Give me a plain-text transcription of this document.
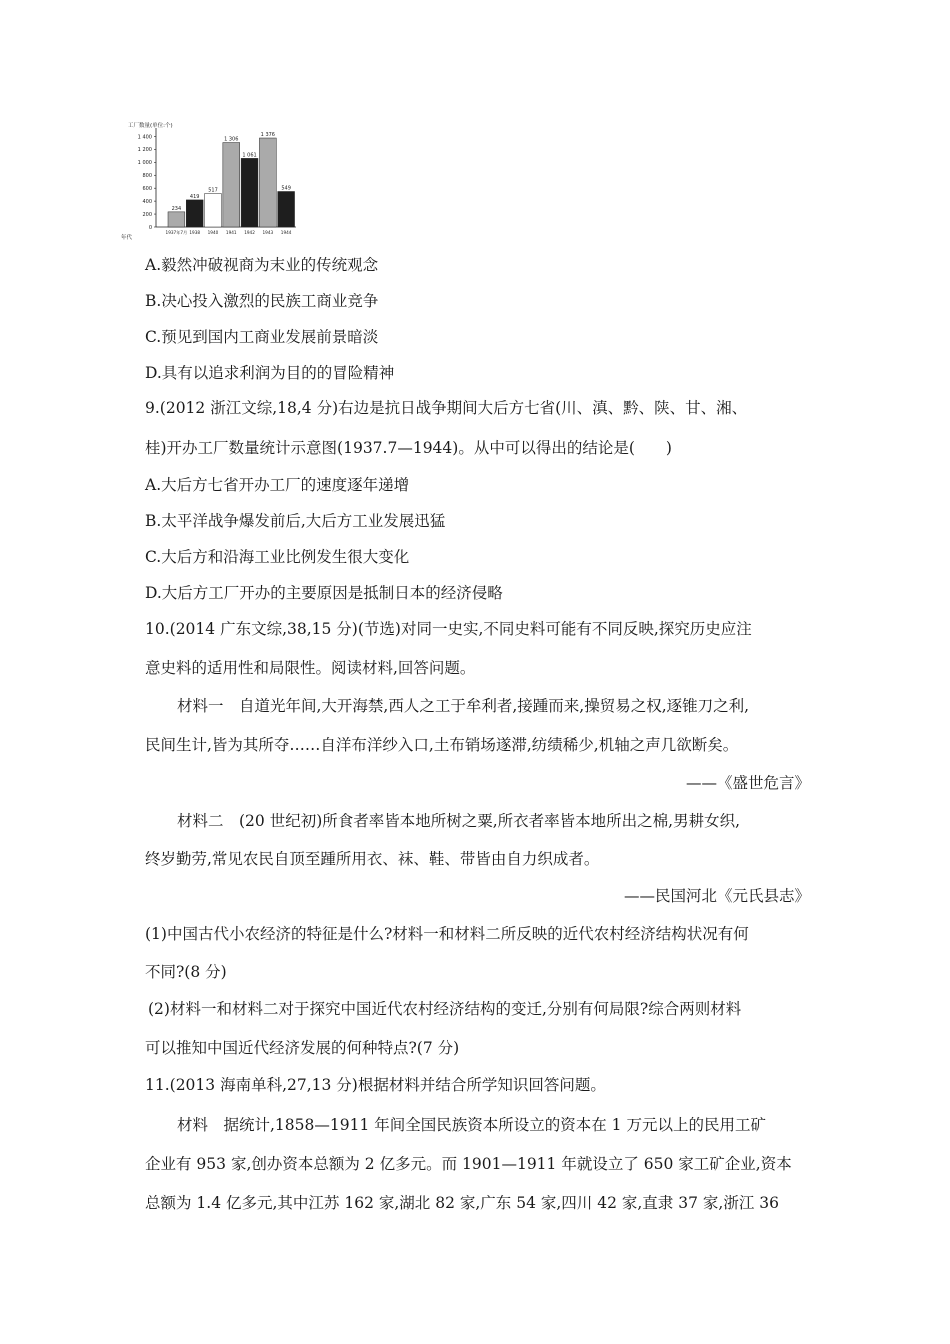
工厂数量(单位:个)
0
200
400
600
800
1 000
1 200
1 400
234
419
517
1 306
1 061
1 376
549
1937年7月 1938 1940 1941 1942 1943 1944
年代
A.毅然冲破视商为末业的传统观念
B.决心投入激烈的民族工商业竞争
C.预见到国内工商业发展前景暗淡
D.具有以追求利润为目的的冒险精神
9.(2012 浙江文综,18,4 分)右边是抗日战争期间大后方七省(川、滇、黔、陕、甘、湘、
桂)开办工厂数量统计示意图(1937.7—1944)。从中可以得出的结论是(　　)
A.大后方七省开办工厂的速度逐年递增
B.太平洋战争爆发前后,大后方工业发展迅猛
C.大后方和沿海工业比例发生很大变化
D.大后方工厂开办的主要原因是抵制日本的经济侵略
10.(2014 广东文综,38,15 分)(节选)对同一史实,不同史料可能有不同反映,探究历史应注
意史料的适用性和局限性。阅读材料,回答问题。
材料一　自道光年间,大开海禁,西人之工于牟利者,接踵而来,操贸易之权,逐锥刀之利,
民间生计,皆为其所夺……自洋布洋纱入口,土布销场遂滞,纺绩稀少,机轴之声几欲断矣。
——《盛世危言》
材料二　(20 世纪初)所食者率皆本地所树之粟,所衣者率皆本地所出之棉,男耕女织,
终岁勤劳,常见农民自顶至踵所用衣、袜、鞋、带皆由自力织成者。
——民国河北《元氏县志》
(1)中国古代小农经济的特征是什么?材料一和材料二所反映的近代农村经济结构状况有何
不同?(8 分)
(2)材料一和材料二对于探究中国近代农村经济结构的变迁,分别有何局限?综合两则材料
可以推知中国近代经济发展的何种特点?(7 分)
11.(2013 海南单科,27,13 分)根据材料并结合所学知识回答问题。
材料　据统计,1858—1911 年间全国民族资本所设立的资本在 1 万元以上的民用工矿
企业有 953 家,创办资本总额为 2 亿多元。而 1901—1911 年就设立了 650 家工矿企业,资本
总额为 1.4 亿多元,其中江苏 162 家,湖北 82 家,广东 54 家,四川 42 家,直隶 37 家,浙江 36
